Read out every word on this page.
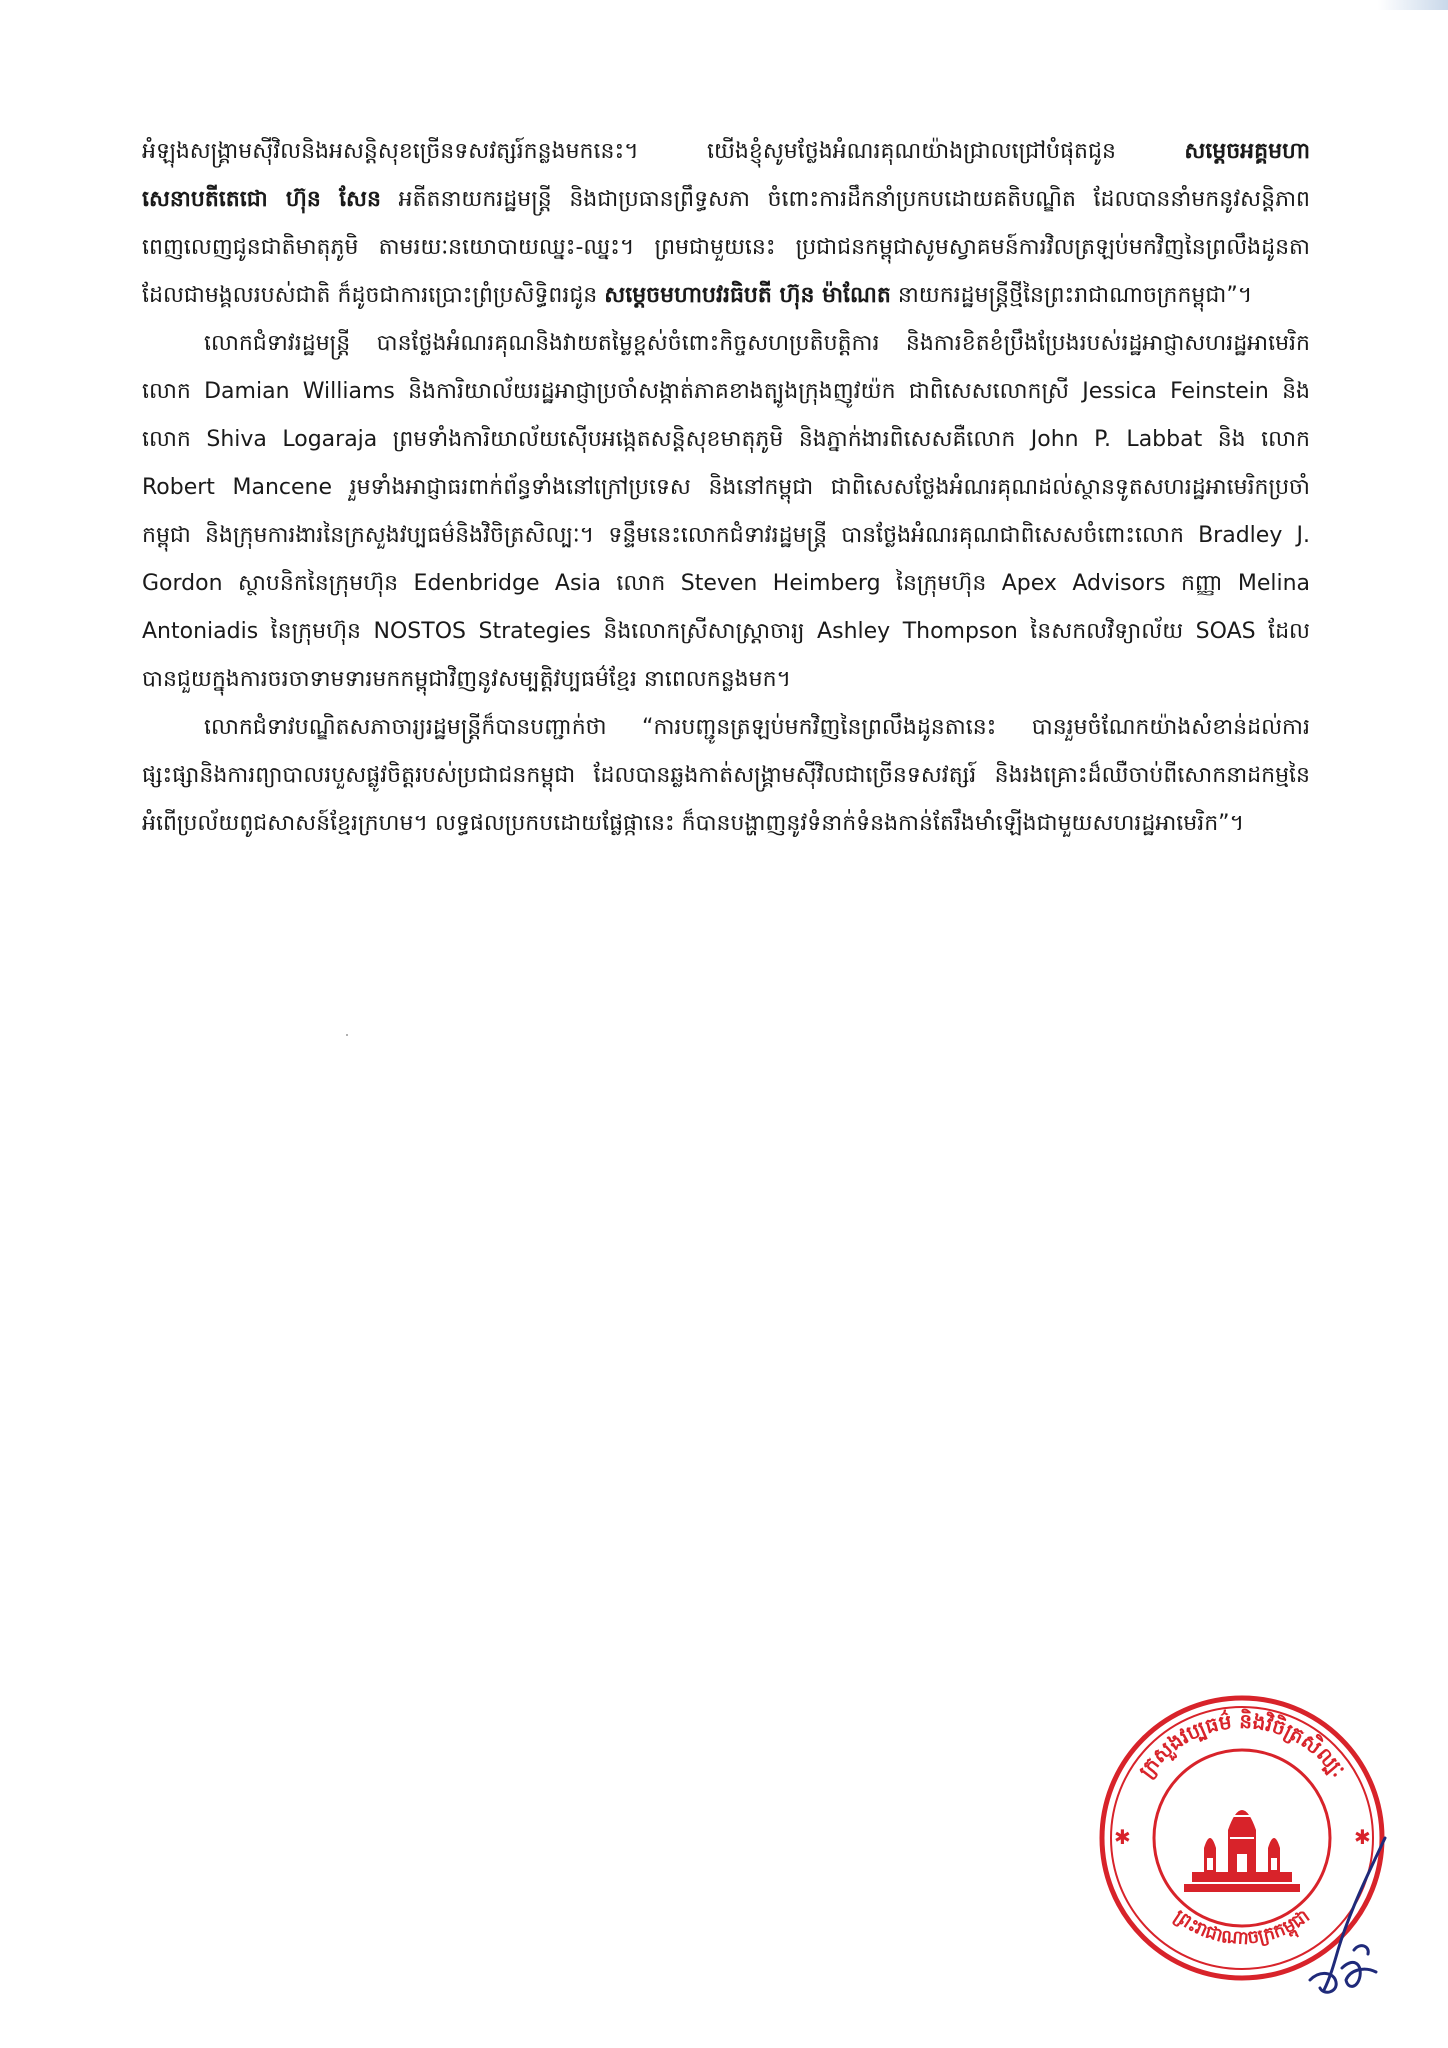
អំឡុងសង្គ្រាមស៊ីវិលនិងអសន្តិសុខច្រើនទសវត្សរ៍កន្លងមកនេះ។ យើងខ្ញុំសូមថ្លែងអំណរគុណយ៉ាងជ្រាលជ្រៅបំផុតជូន សម្តេចអគ្គមហាសេនាបតីតេជោ ហ៊ុន សែន អតីតនាយករដ្ឋមន្ត្រី និងជាប្រធានព្រឹទ្ធសភា ចំពោះការដឹកនាំប្រកបដោយគតិបណ្ឌិត ដែលបាននាំមកនូវសន្តិភាពពេញលេញជូនជាតិមាតុភូមិ តាមរយៈនយោបាយឈ្នះ-ឈ្នះ។ ព្រមជាមួយនេះ ប្រជាជនកម្ពុជាសូមស្វាគមន៍ការវិលត្រឡប់មកវិញនៃព្រលឹងដូនតាដែលជាមង្គលរបស់ជាតិ ក៏ដូចជាការប្រោះព្រំប្រសិទ្ធិពរជូន សម្តេចមហាបវរធិបតី ហ៊ុន ម៉ាណែត នាយករដ្ឋមន្ត្រីថ្មីនៃព្រះរាជាណាចក្រកម្ពុជា”។

លោកជំទាវរដ្ឋមន្ត្រី បានថ្លែងអំណរគុណនិងវាយតម្លៃខ្ពស់ចំពោះកិច្ចសហប្រតិបត្តិការ និងការខិតខំប្រឹងប្រែងរបស់រដ្ឋអាជ្ញាសហរដ្ឋអាមេរិក លោក Damian Williams និងការិយាល័យរដ្ឋអាជ្ញាប្រចាំសង្កាត់ភាគខាងត្បូងក្រុងញូវយ៉ក ជាពិសេសលោកស្រី Jessica Feinstein និងលោក Shiva Logaraja ព្រមទាំងការិយាល័យស៊ើបអង្កេតសន្តិសុខមាតុភូមិ និងភ្នាក់ងារពិសេសគឺលោក John P. Labbat និង លោក Robert Mancene រួមទាំងអាជ្ញាធរពាក់ព័ន្ធទាំងនៅក្រៅប្រទេស និងនៅកម្ពុជា ជាពិសេសថ្លែងអំណរគុណដល់ស្ថានទូតសហរដ្ឋអាមេរិកប្រចាំកម្ពុជា និងក្រុមការងារនៃក្រសួងវប្បធម៌និងវិចិត្រសិល្បៈ។ ទន្ទឹមនេះលោកជំទាវរដ្ឋមន្ត្រី បានថ្លែងអំណរគុណជាពិសេសចំពោះលោក Bradley J. Gordon ស្ថាបនិកនៃក្រុមហ៊ុន Edenbridge Asia លោក Steven Heimberg នៃក្រុមហ៊ុន Apex Advisors កញ្ញា Melina Antoniadis នៃក្រុមហ៊ុន NOSTOS Strategies និងលោកស្រីសាស្ត្រាចារ្យ Ashley Thompson នៃសកលវិទ្យាល័យ SOAS ដែលបានជួយក្នុងការចរចាទាមទារមកកម្ពុជាវិញនូវសម្បត្តិវប្បធម៌ខ្មែរ នាពេលកន្លងមក។

លោកជំទាវបណ្ឌិតសភាចារ្យរដ្ឋមន្ត្រីក៏បានបញ្ជាក់ថា “ការបញ្ជូនត្រឡប់មកវិញនៃព្រលឹងដូនតានេះ បានរួមចំណែកយ៉ាងសំខាន់ដល់ការផ្សះផ្សានិងការព្យាបាលរបួសផ្លូវចិត្តរបស់ប្រជាជនកម្ពុជា ដែលបានឆ្លងកាត់សង្គ្រាមស៊ីវិលជាច្រើនទសវត្សរ៍ និងរងគ្រោះដ៏ឈឺចាប់ពីសោកនាដកម្មនៃអំពើប្រល័យពូជសាសន៍ខ្មែរក្រហម។ លទ្ធផលប្រកបដោយផ្លែផ្កានេះ ក៏បានបង្ហាញនូវទំនាក់ទំនងកាន់តែរឹងមាំឡើងជាមួយសហរដ្ឋអាមេរិក”។

ក្រសួងវប្បធម៌ និងវិចិត្រសិល្បៈ
ព្រះរាជាណាចក្រកម្ពុជា
✱	✱
